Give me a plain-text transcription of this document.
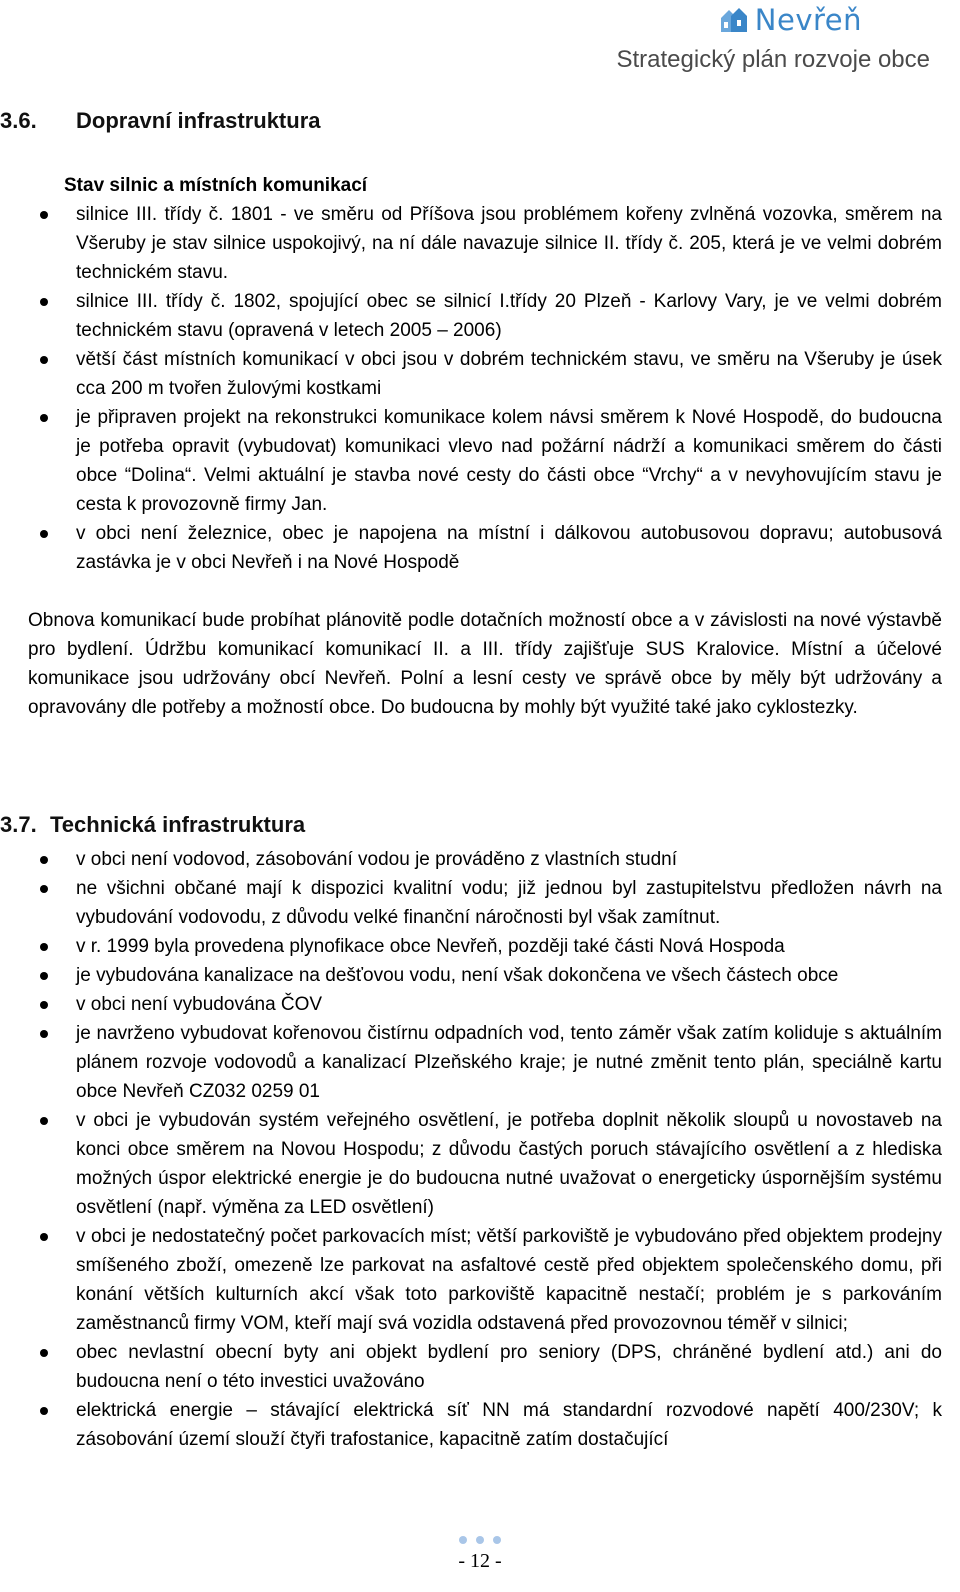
Nevřeň
Strategický plán rozvoje obce
3.6. Dopravní infrastruktura
Stav silnic a místních komunikací
silnice III. třídy č. 1801 - ve směru od Příšova jsou problémem kořeny zvlněná vozovka, směrem na Všeruby je stav silnice uspokojivý, na ní dále navazuje silnice II. třídy č. 205, která je ve velmi dobrém technickém stavu.
silnice III. třídy č. 1802, spojující obec se silnicí I.třídy 20 Plzeň - Karlovy Vary, je ve velmi dobrém technickém stavu (opravená v letech 2005 – 2006)
větší část místních komunikací v obci jsou v dobrém technickém stavu, ve směru na Všeruby je úsek cca 200 m tvořen žulovými kostkami
je připraven projekt na rekonstrukci komunikace kolem návsi směrem k Nové Hospodě, do budoucna je potřeba opravit (vybudovat) komunikaci vlevo nad požární nádrží a komunikaci směrem do části obce “Dolina“. Velmi aktuální je stavba nové cesty do části obce “Vrchy“ a v nevyhovujícím stavu je cesta k provozovně firmy Jan.
v obci není železnice, obec je napojena na místní i dálkovou autobusovou dopravu; autobusová zastávka je v obci Nevřeň i na Nové Hospodě

Obnova komunikací bude probíhat plánovitě podle dotačních možností obce a v závislosti na nové výstavbě pro bydlení. Údržbu komunikací komunikací II. a III. třídy zajišťuje SUS Kralovice. Místní a účelové komunikace jsou udržovány obcí Nevřeň. Polní a lesní cesty ve správě obce by měly být udržovány a opravovány dle potřeby a možností obce. Do budoucna by mohly být využité také jako cyklostezky.

3.7. Technická infrastruktura
v obci není vodovod, zásobování vodou je prováděno z vlastních studní
ne všichni občané mají k dispozici kvalitní vodu; již jednou byl zastupitelstvu předložen návrh na vybudování vodovodu, z důvodu velké finanční náročnosti byl však zamítnut.
v r. 1999 byla provedena plynofikace obce Nevřeň, později také části Nová Hospoda
je vybudována kanalizace na dešťovou vodu, není však dokončena ve všech částech obce
v obci není vybudována ČOV
je navrženo vybudovat kořenovou čistírnu odpadních vod, tento záměr však zatím koliduje s aktuálním plánem rozvoje vodovodů a kanalizací Plzeňského kraje; je nutné změnit tento plán, speciálně kartu obce Nevřeň CZ032 0259 01
v obci je vybudován systém veřejného osvětlení, je potřeba doplnit několik sloupů u novostaveb na konci obce směrem na Novou Hospodu; z důvodu častých poruch stávajícího osvětlení a z hlediska možných úspor elektrické energie je do budoucna nutné uvažovat o energeticky úspornějším systému osvětlení (např. výměna za LED osvětlení)
v obci je nedostatečný počet parkovacích míst; větší parkoviště je vybudováno před objektem prodejny smíšeného zboží, omezeně lze parkovat na asfaltové cestě před objektem společenského domu, při konání větších kulturních akcí však toto parkoviště kapacitně nestačí; problém je s parkováním zaměstnanců firmy VOM, kteří mají svá vozidla odstavená před provozovnou téměř v silnici;
obec nevlastní obecní byty ani objekt bydlení pro seniory (DPS, chráněné bydlení atd.) ani do budoucna není o této investici uvažováno
elektrická energie – stávající elektrická síť NN má standardní rozvodové napětí 400/230V; k zásobování území slouží čtyři trafostanice, kapacitně zatím dostačující
- 12 -
